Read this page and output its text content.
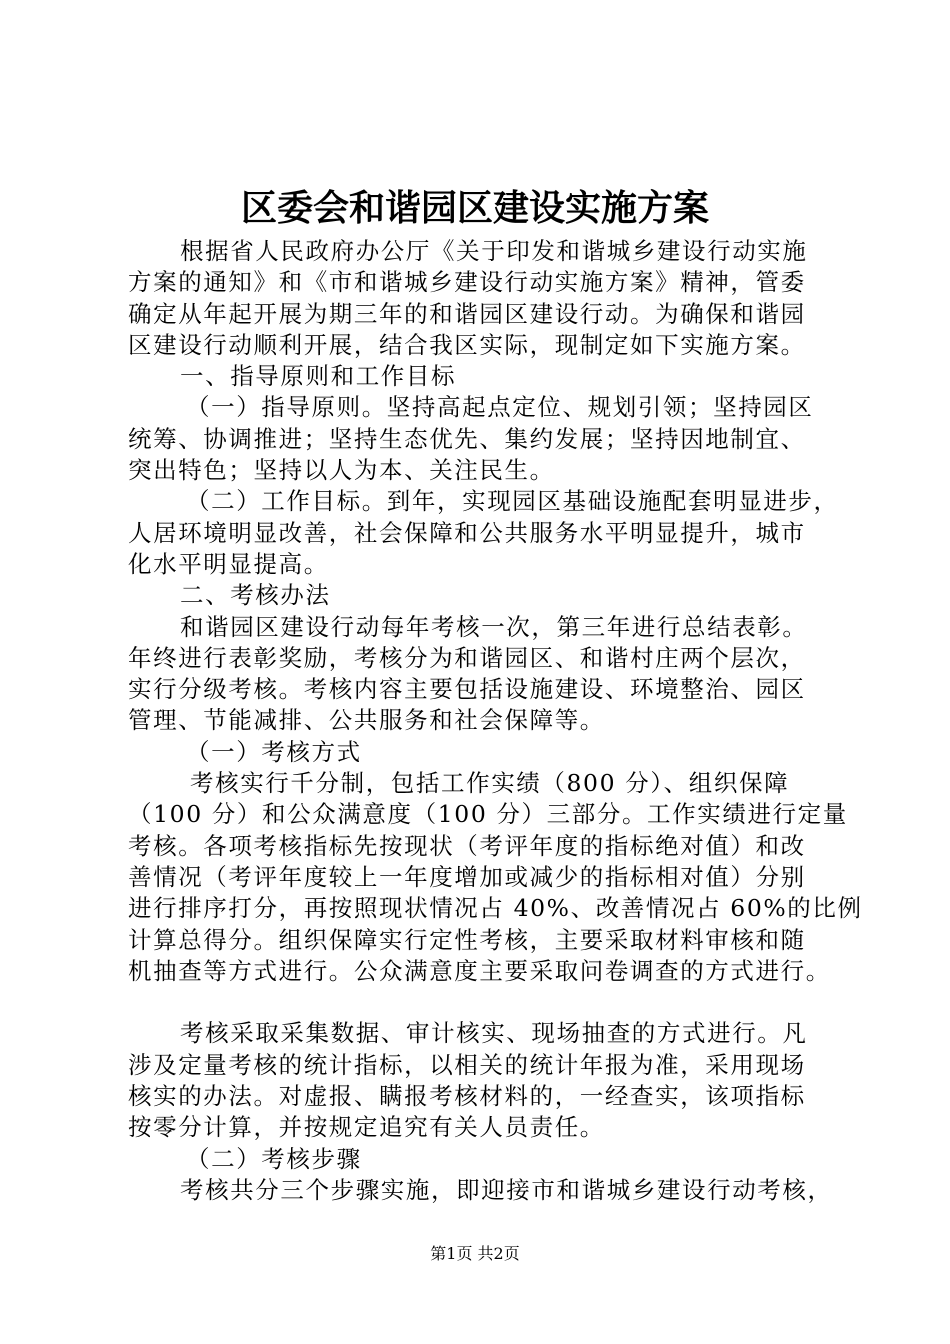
区委会和谐园区建设实施方案
根据省人民政府办公厅《关于印发和谐城乡建设行动实施
方案的通知》和《市和谐城乡建设行动实施方案》精神，管委
确定从年起开展为期三年的和谐园区建设行动。为确保和谐园
区建设行动顺利开展，结合我区实际，现制定如下实施方案。
一、指导原则和工作目标
（一）指导原则。坚持高起点定位、规划引领；坚持园区
统筹、协调推进；坚持生态优先、集约发展；坚持因地制宜、
突出特色；坚持以人为本、关注民生。
（二）工作目标。到年，实现园区基础设施配套明显进步，
人居环境明显改善，社会保障和公共服务水平明显提升，城市
化水平明显提高。
二、考核办法
和谐园区建设行动每年考核一次，第三年进行总结表彰。
年终进行表彰奖励，考核分为和谐园区、和谐村庄两个层次，
实行分级考核。考核内容主要包括设施建设、环境整治、园区
管理、节能减排、公共服务和社会保障等。
（一）考核方式
考核实行千分制，包括工作实绩（800 分）、组织保障
（100 分）和公众满意度（100 分）三部分。工作实绩进行定量
考核。各项考核指标先按现状（考评年度的指标绝对值）和改
善情况（考评年度较上一年度增加或减少的指标相对值）分别
进行排序打分，再按照现状情况占 40%、改善情况占 60%的比例
计算总得分。组织保障实行定性考核，主要采取材料审核和随
机抽查等方式进行。公众满意度主要采取问卷调查的方式进行。
考核采取采集数据、审计核实、现场抽查的方式进行。凡
涉及定量考核的统计指标，以相关的统计年报为准，采用现场
核实的办法。对虚报、瞒报考核材料的，一经查实，该项指标
按零分计算，并按规定追究有关人员责任。
（二）考核步骤
考核共分三个步骤实施，即迎接市和谐城乡建设行动考核，
第1页 共2页
